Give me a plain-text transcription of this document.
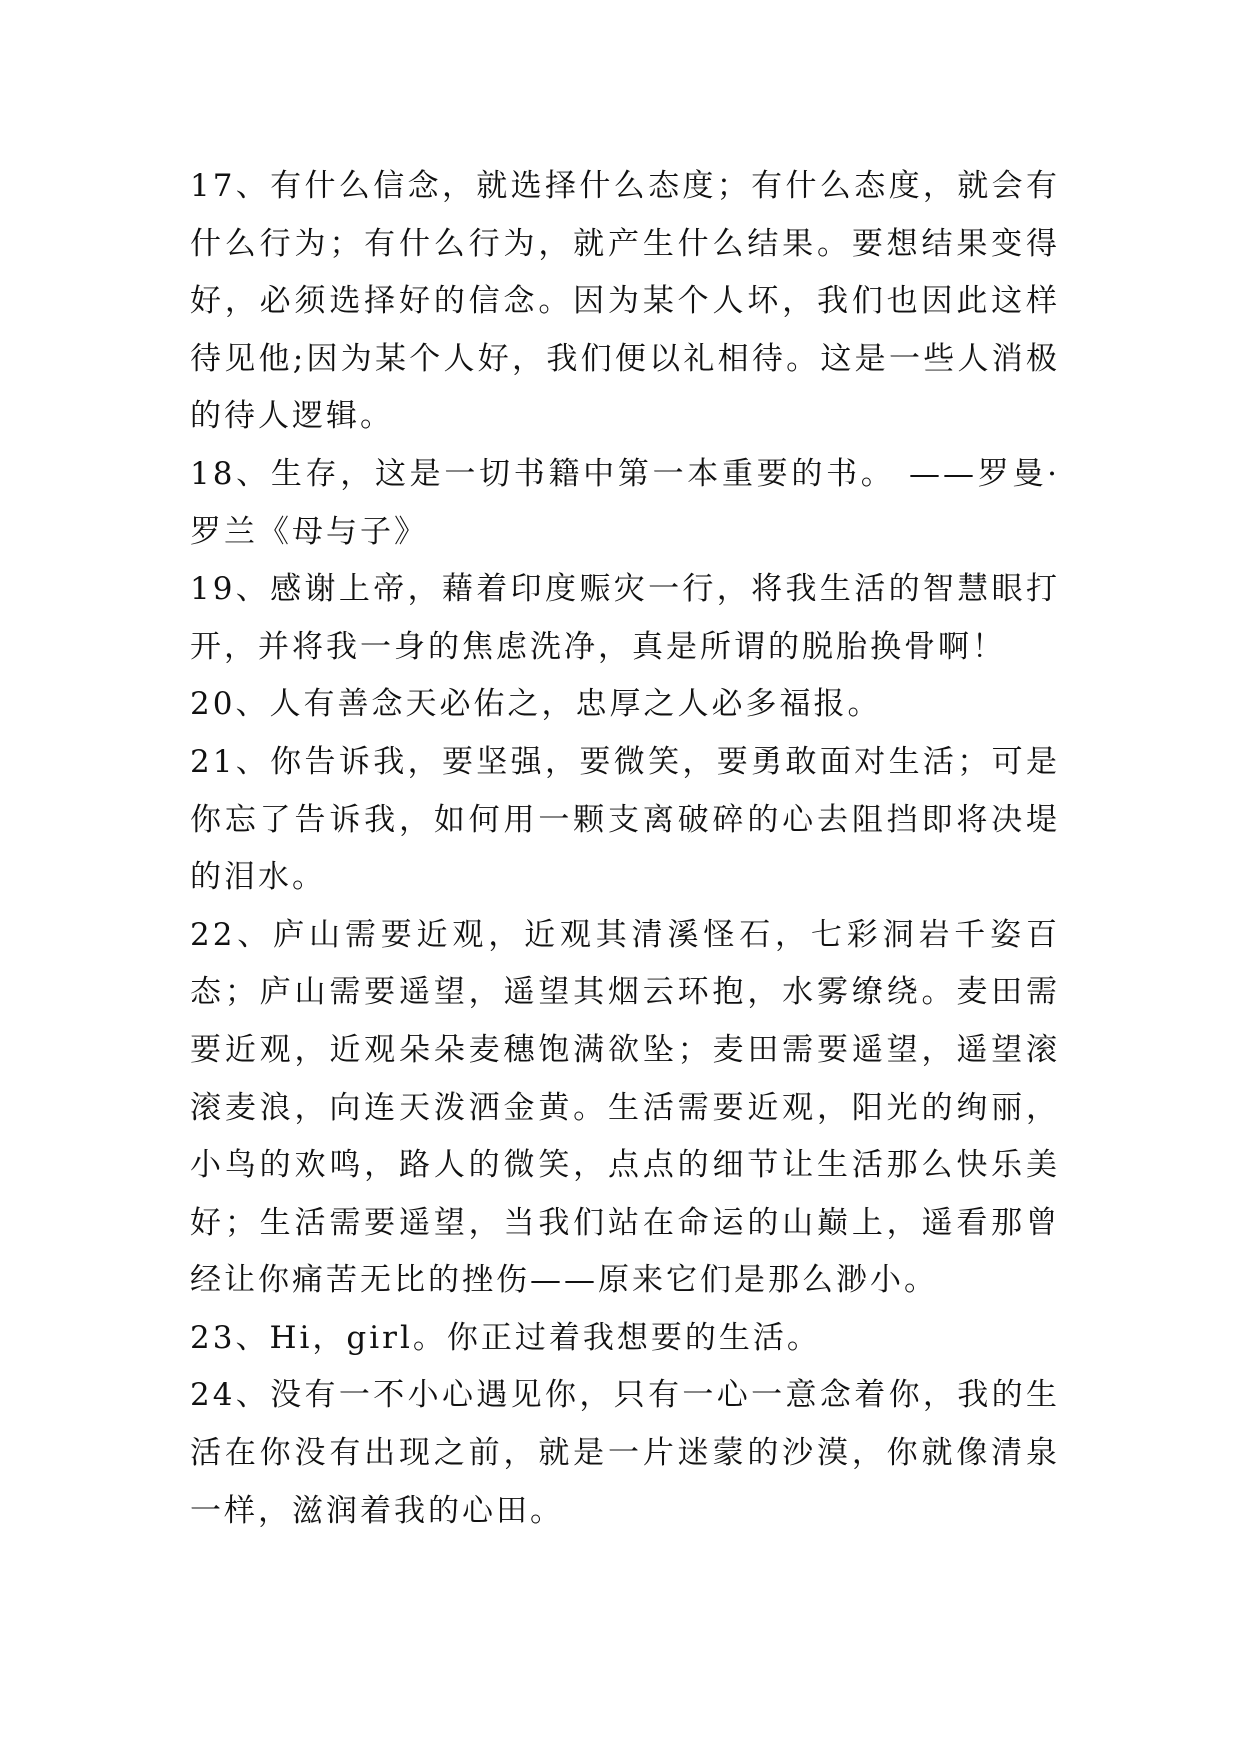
17、有什么信念，就选择什么态度；有什么态度，就会有什么行为；有什么行为，就产生什么结果。要想结果变得好，必须选择好的信念。因为某个人坏，我们也因此这样待见他;因为某个人好，我们便以礼相待。这是一些人消极的待人逻辑。

18、生存，这是一切书籍中第一本重要的书。 ——罗曼·罗兰《母与子》

19、感谢上帝，藉着印度赈灾一行，将我生活的智慧眼打开，并将我一身的焦虑洗净，真是所谓的脱胎换骨啊！

20、人有善念天必佑之，忠厚之人必多福报。

21、你告诉我，要坚强，要微笑，要勇敢面对生活；可是你忘了告诉我，如何用一颗支离破碎的心去阻挡即将决堤的泪水。

22、庐山需要近观，近观其清溪怪石，七彩洞岩千姿百态；庐山需要遥望，遥望其烟云环抱，水雾缭绕。麦田需要近观，近观朵朵麦穗饱满欲坠；麦田需要遥望，遥望滚滚麦浪，向连天泼洒金黄。生活需要近观，阳光的绚丽，小鸟的欢鸣，路人的微笑，点点的细节让生活那么快乐美好；生活需要遥望，当我们站在命运的山巅上，遥看那曾经让你痛苦无比的挫伤——原来它们是那么渺小。

23、Hi，girl。你正过着我想要的生活。

24、没有一不小心遇见你，只有一心一意念着你，我的生活在你没有出现之前，就是一片迷蒙的沙漠，你就像清泉一样，滋润着我的心田。
